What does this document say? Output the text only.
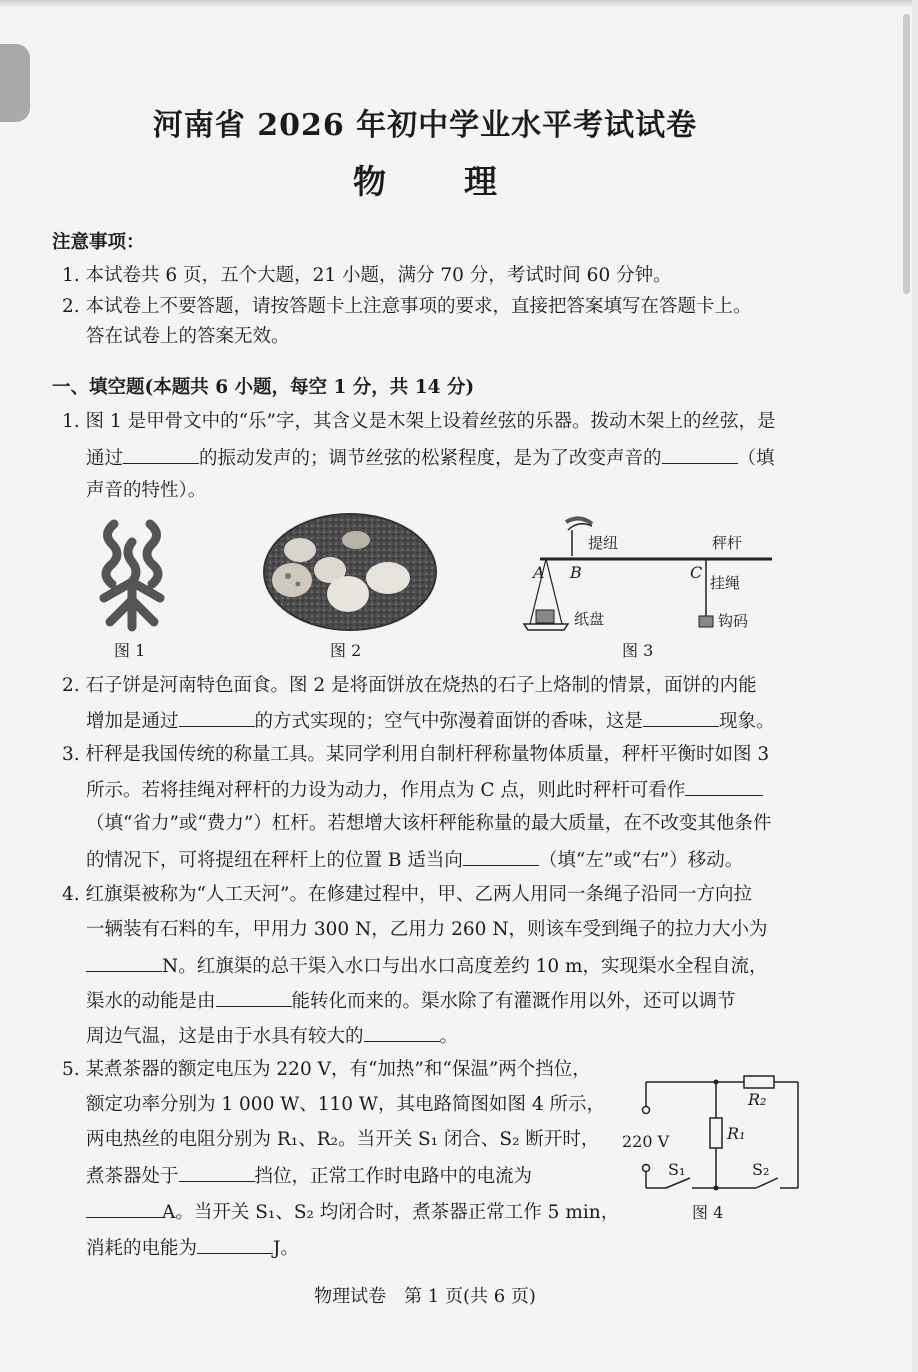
河南省 2026 年初中学业水平考试试卷
物 理
注意事项：
1. 本试卷共 6 页，五个大题，21 小题，满分 70 分，考试时间 60 分钟。
2. 本试卷上不要答题，请按答题卡上注意事项的要求，直接把答案填写在答题卡上。
答在试卷上的答案无效。
一、填空题(本题共 6 小题，每空 1 分，共 14 分)
1. 图 1 是甲骨文中的“乐”字，其含义是木架上设着丝弦的乐器。拨动木架上的丝弦，是
通过	的振动发声的；调节丝弦的松紧程度，是为了改变声音的	（填
声音的特性）。
图 1	图 2
提纽	秤杆
A B	C
挂绳
纸盘	钩码
图 3
2. 石子饼是河南特色面食。图 2 是将面饼放在烧热的石子上烙制的情景，面饼的内能
增加是通过	的方式实现的；空气中弥漫着面饼的香味，这是	现象。
3. 杆秤是我国传统的称量工具。某同学利用自制杆秤称量物体质量，秤杆平衡时如图 3
所示。若将挂绳对秤杆的力设为动力，作用点为 C 点，则此时秤杆可看作
（填“省力”或“费力”）杠杆。若想增大该杆秤能称量的最大质量，在不改变其他条件
的情况下，可将提纽在秤杆上的位置 B 适当向	（填“左”或“右”）移动。
4. 红旗渠被称为“人工天河”。在修建过程中，甲、乙两人用同一条绳子沿同一方向拉
一辆装有石料的车，甲用力 300 N，乙用力 260 N，则该车受到绳子的拉力大小为
N。红旗渠的总干渠入水口与出水口高度差约 10 m，实现渠水全程自流，
渠水的动能是由	能转化而来的。渠水除了有灌溉作用以外，还可以调节
周边气温，这是由于水具有较大的	。
5. 某煮茶器的额定电压为 220 V，有“加热”和“保温”两个挡位，
额定功率分别为 1 000 W、110 W，其电路简图如图 4 所示，
两电热丝的电阻分别为 R₁、R₂。当开关 S₁ 闭合、S₂ 断开时，
煮茶器处于	挡位，正常工作时电路中的电流为
A。当开关 S₁、S₂ 均闭合时，煮茶器正常工作 5 min，
消耗的电能为	J。
220 V
R₂
R₁
S₁	S₂
图 4
物理试卷　第 1 页(共 6 页)
